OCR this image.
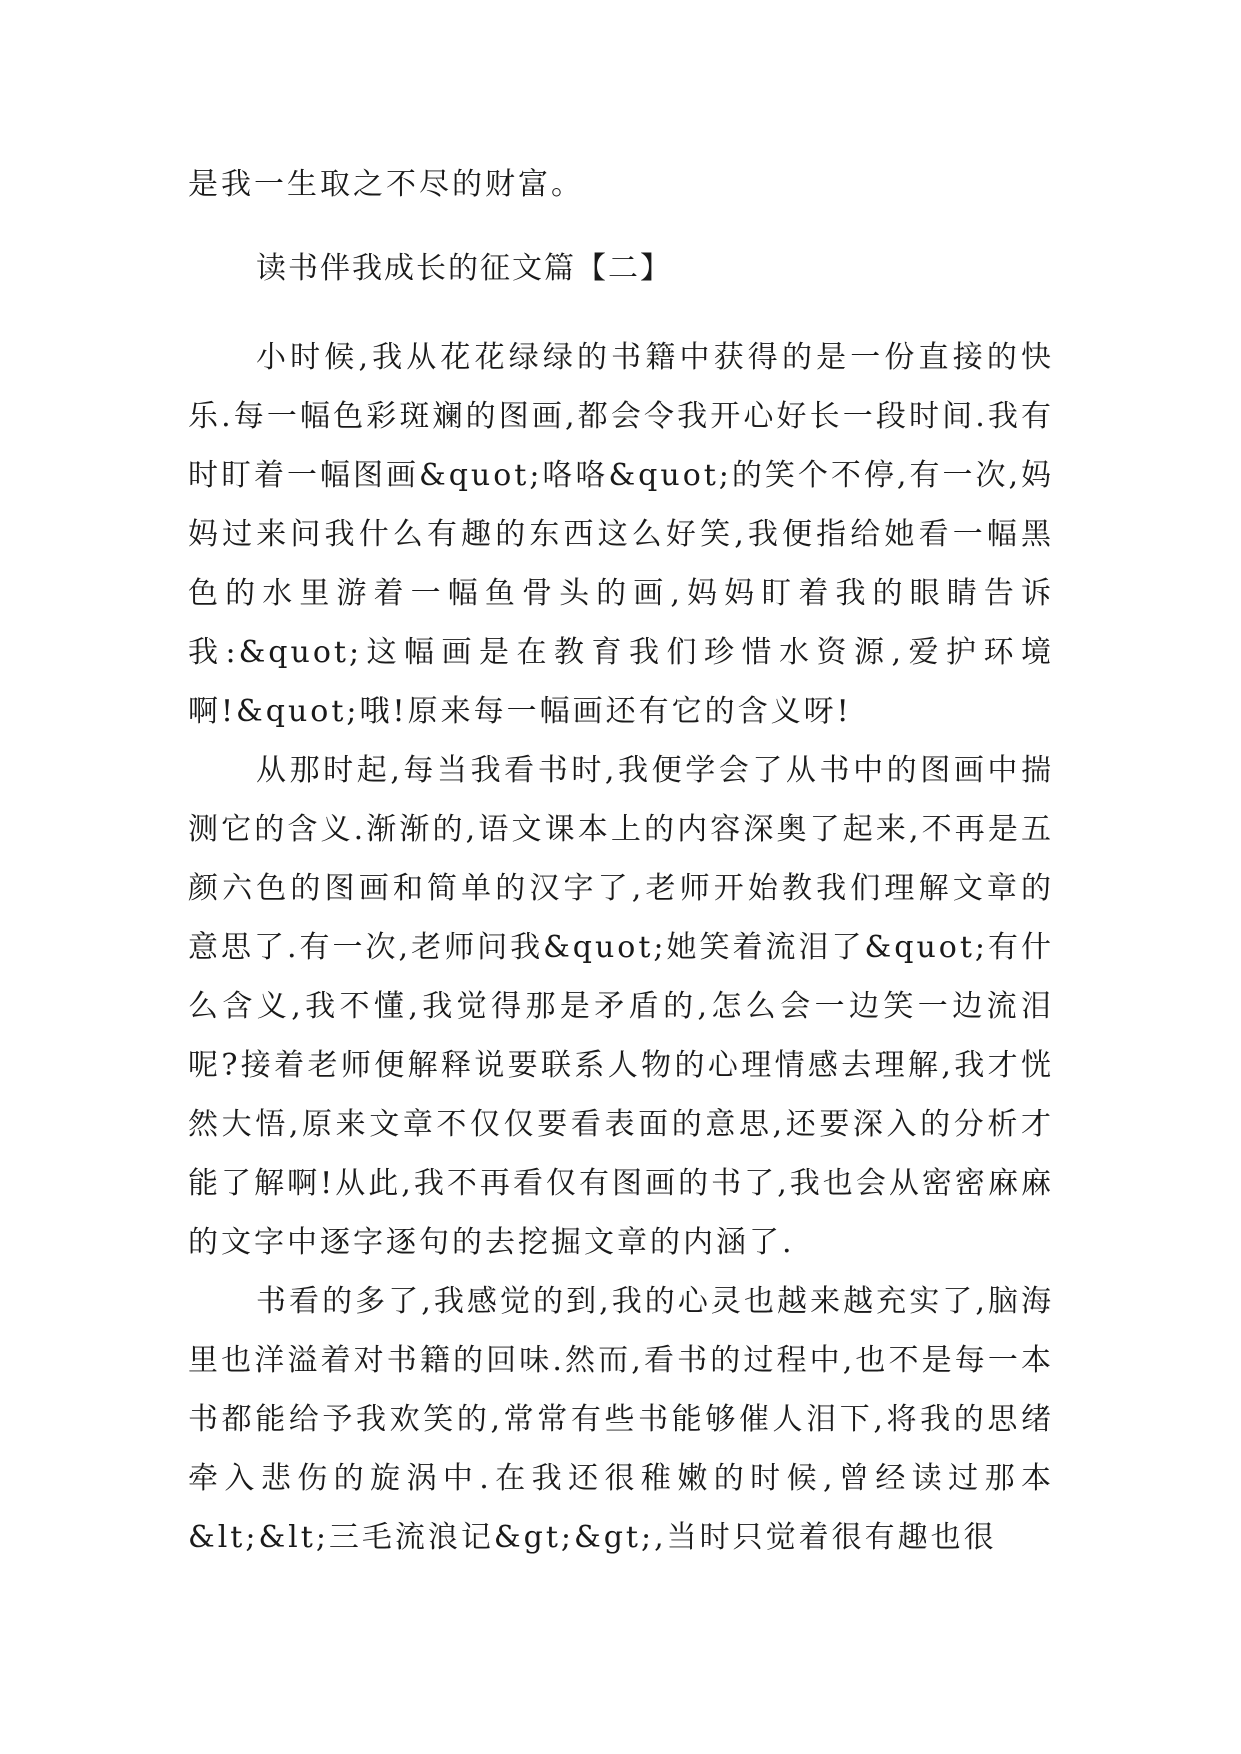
是我一生取之不尽的财富。
读书伴我成长的征文篇【二】

小时候,我从花花绿绿的书籍中获得的是一份直接的快乐.每一幅色彩斑斓的图画,都会令我开心好长一段时间.我有时盯着一幅图画&quot;咯咯&quot;的笑个不停,有一次,妈妈过来问我什么有趣的东西这么好笑,我便指给她看一幅黑色的水里游着一幅鱼骨头的画,妈妈盯着我的眼睛告诉我:&quot;这幅画是在教育我们珍惜水资源,爱护环境啊!&quot;哦!原来每一幅画还有它的含义呀!

从那时起,每当我看书时,我便学会了从书中的图画中揣测它的含义.渐渐的,语文课本上的内容深奥了起来,不再是五颜六色的图画和简单的汉字了,老师开始教我们理解文章的意思了.有一次,老师问我&quot;她笑着流泪了&quot;有什么含义,我不懂,我觉得那是矛盾的,怎么会一边笑一边流泪呢?接着老师便解释说要联系人物的心理情感去理解,我才恍然大悟,原来文章不仅仅要看表面的意思,还要深入的分析才能了解啊!从此,我不再看仅有图画的书了,我也会从密密麻麻的文字中逐字逐句的去挖掘文章的内涵了.

书看的多了,我感觉的到,我的心灵也越来越充实了,脑海里也洋溢着对书籍的回味.然而,看书的过程中,也不是每一本书都能给予我欢笑的,常常有些书能够催人泪下,将我的思绪牵入悲伤的旋涡中.在我还很稚嫩的时候,曾经读过那本&lt;&lt;三毛流浪记&gt;&gt;,当时只觉着很有趣也很
